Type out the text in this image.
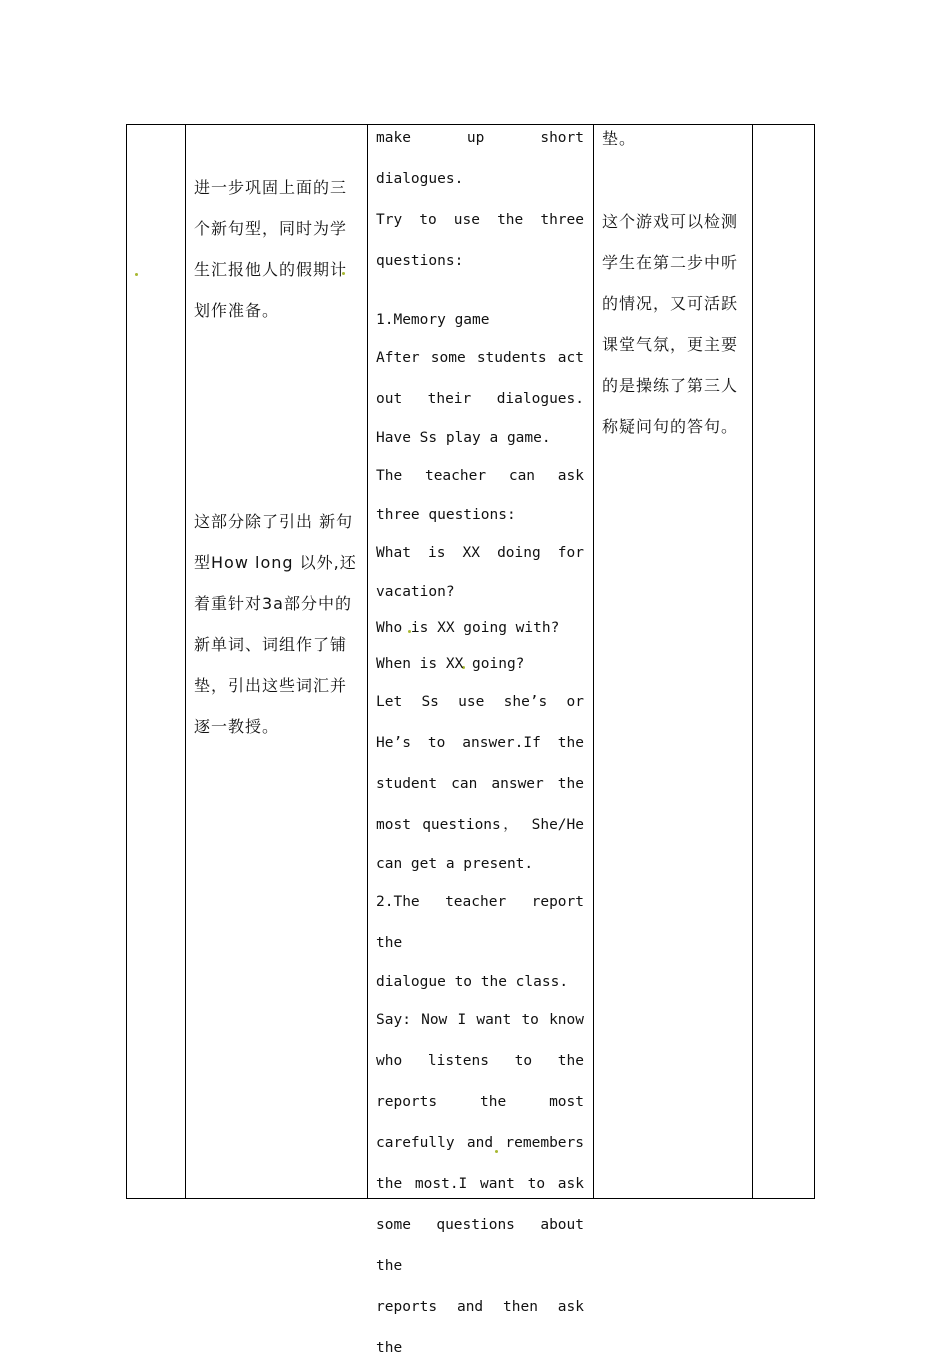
进一步巩固上面的三个新句型，同时为学生汇报他人的假期计划作准备。
这部分除了引出 新句型How long 以外,还着重针对3a部分中的新单词、词组作了铺垫，引出这些词汇并逐一教授。

make up short dialogues.

Try to use the three

questions:

1.Memory game

After some students act

out their dialogues.

Have Ss play a game.

The teacher can ask

three questions:

What is XX doing for

vacation?

Who is XX going with?

When is XX going?

Let Ss use she’s or

He’s to answer.If the

student can answer the

most questions， She/He

can get a present.

2.The teacher report the

dialogue to the class.

Say: Now I want to know

who listens to the

reports the most

carefully and remembers

the most.I want to ask

some questions about the

reports and then ask the

垫。
这个游戏可以检测学生在第二步中听的情况，又可活跃课堂气氛，更主要的是操练了第三人称疑问句的答句。
